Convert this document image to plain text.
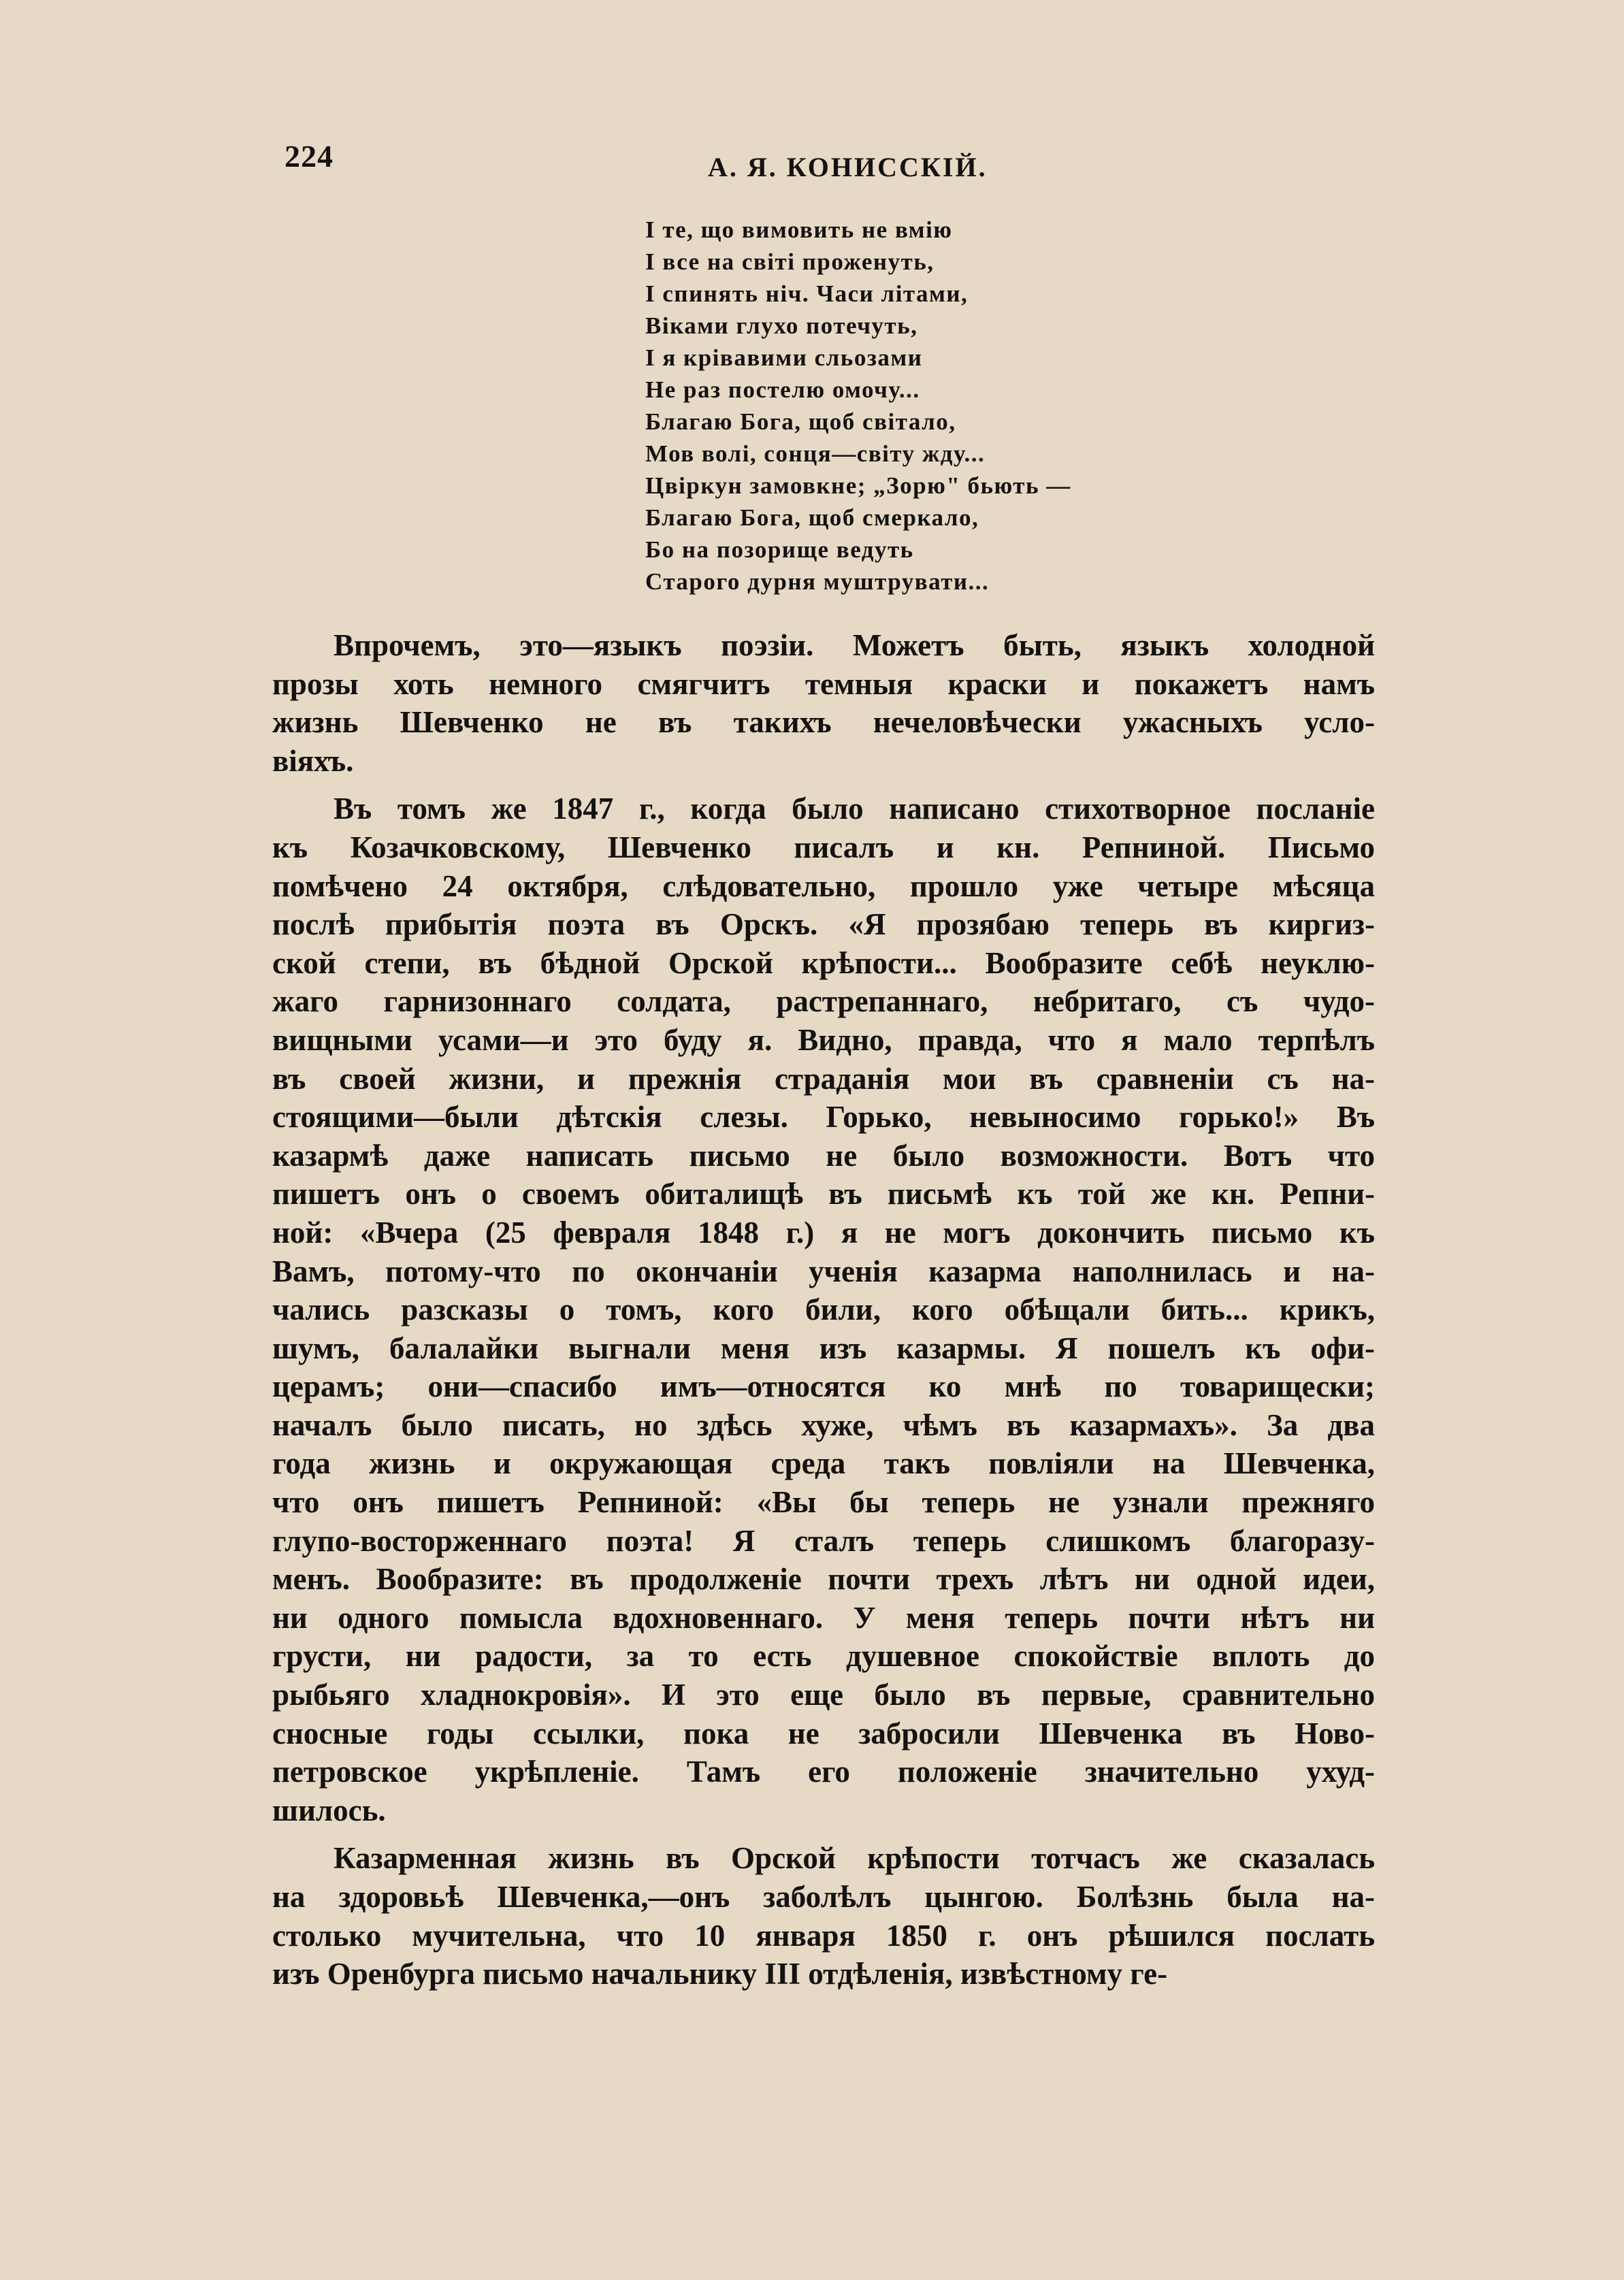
224	А. Я. КОНИССКІЙ.
І те, що вимовить не вмію
І все на світі проженуть,
І спинять ніч. Часи літами,
Віками глухо потечуть,
І я крівавими сльозами
Не раз постелю омочу...
Благаю Бога, щоб світало,
Мов волі, сонця—світу жду...
Цвіркун замовкне; „Зорю" бьють —
Благаю Бога, щоб смеркало,
Бо на позорище ведуть
Старого дурня муштрувати...
Впрочемъ, это—языкъ поэзіи. Можетъ быть, языкъ холодной
прозы хоть немного смягчитъ темныя краски и покажетъ намъ
жизнь Шевченко не въ такихъ нечеловѣчески ужасныхъ усло-
віяхъ.
Въ томъ же 1847 г., когда было написано стихотворное посланіе
къ Козачковскому, Шевченко писалъ и кн. Репниной. Письмо
помѣчено 24 октября, слѣдовательно, прошло уже четыре мѣсяца
послѣ прибытія поэта въ Орскъ. «Я прозябаю теперь въ киргиз-
ской степи, въ бѣдной Орской крѣпости... Вообразите себѣ неуклю-
жаго гарнизоннаго солдата, растрепаннаго, небритаго, съ чудо-
вищными усами—и это буду я. Видно, правда, что я мало терпѣлъ
въ своей жизни, и прежнія страданія мои въ сравненіи съ на-
стоящими—были дѣтскія слезы. Горько, невыносимо горько!» Въ
казармѣ даже написать письмо не было возможности. Вотъ что
пишетъ онъ о своемъ обиталищѣ въ письмѣ къ той же кн. Репни-
ной: «Вчера (25 февраля 1848 г.) я не могъ докончить письмо къ
Вамъ, потому-что по окончаніи ученія казарма наполнилась и на-
чались разсказы о томъ, кого били, кого обѣщали бить... крикъ,
шумъ, балалайки выгнали меня изъ казармы. Я пошелъ къ офи-
церамъ; они—спасибо имъ—относятся ко мнѣ по товарищески;
началъ было писать, но здѣсь хуже, чѣмъ въ казармахъ». За два
года жизнь и окружающая среда такъ повліяли на Шевченка,
что онъ пишетъ Репниной: «Вы бы теперь не узнали прежняго
глупо-восторженнаго поэта! Я сталъ теперь слишкомъ благоразу-
менъ. Вообразите: въ продолженіе почти трехъ лѣтъ ни одной идеи,
ни одного помысла вдохновеннаго. У меня теперь почти нѣтъ ни
грусти, ни радости, за то есть душевное спокойствіе вплоть до
рыбьяго хладнокровія». И это еще было въ первые, сравнительно
сносные годы ссылки, пока не забросили Шевченка въ Ново-
петровское укрѣпленіе. Тамъ его положеніе значительно ухуд-
шилось.
Казарменная жизнь въ Орской крѣпости тотчасъ же сказалась
на здоровьѣ Шевченка,—онъ заболѣлъ цынгою. Болѣзнь была на-
столько мучительна, что 10 января 1850 г. онъ рѣшился послать
изъ Оренбурга письмо начальнику III отдѣленія, извѣстному ге-
